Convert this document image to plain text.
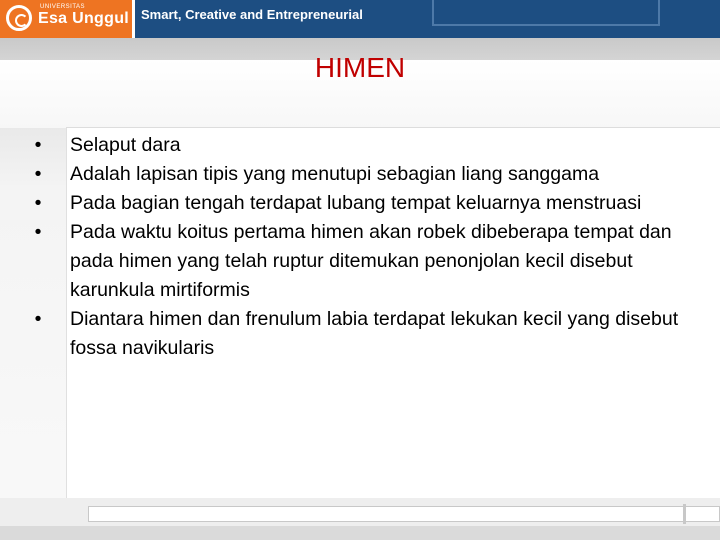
UNIVERSITAS
Esa Unggul Smart, Creative and Entrepreneurial
HIMEN
•	Selaput dara
•	Adalah lapisan tipis yang menutupi sebagian liang sanggama
•	Pada bagian tengah terdapat lubang tempat keluarnya menstruasi
•	Pada waktu koitus pertama himen akan robek dibeberapa tempat dan pada himen yang telah ruptur ditemukan penonjolan kecil disebut karunkula mirtiformis
•	Diantara himen dan frenulum labia terdapat lekukan kecil yang disebut fossa navikularis
